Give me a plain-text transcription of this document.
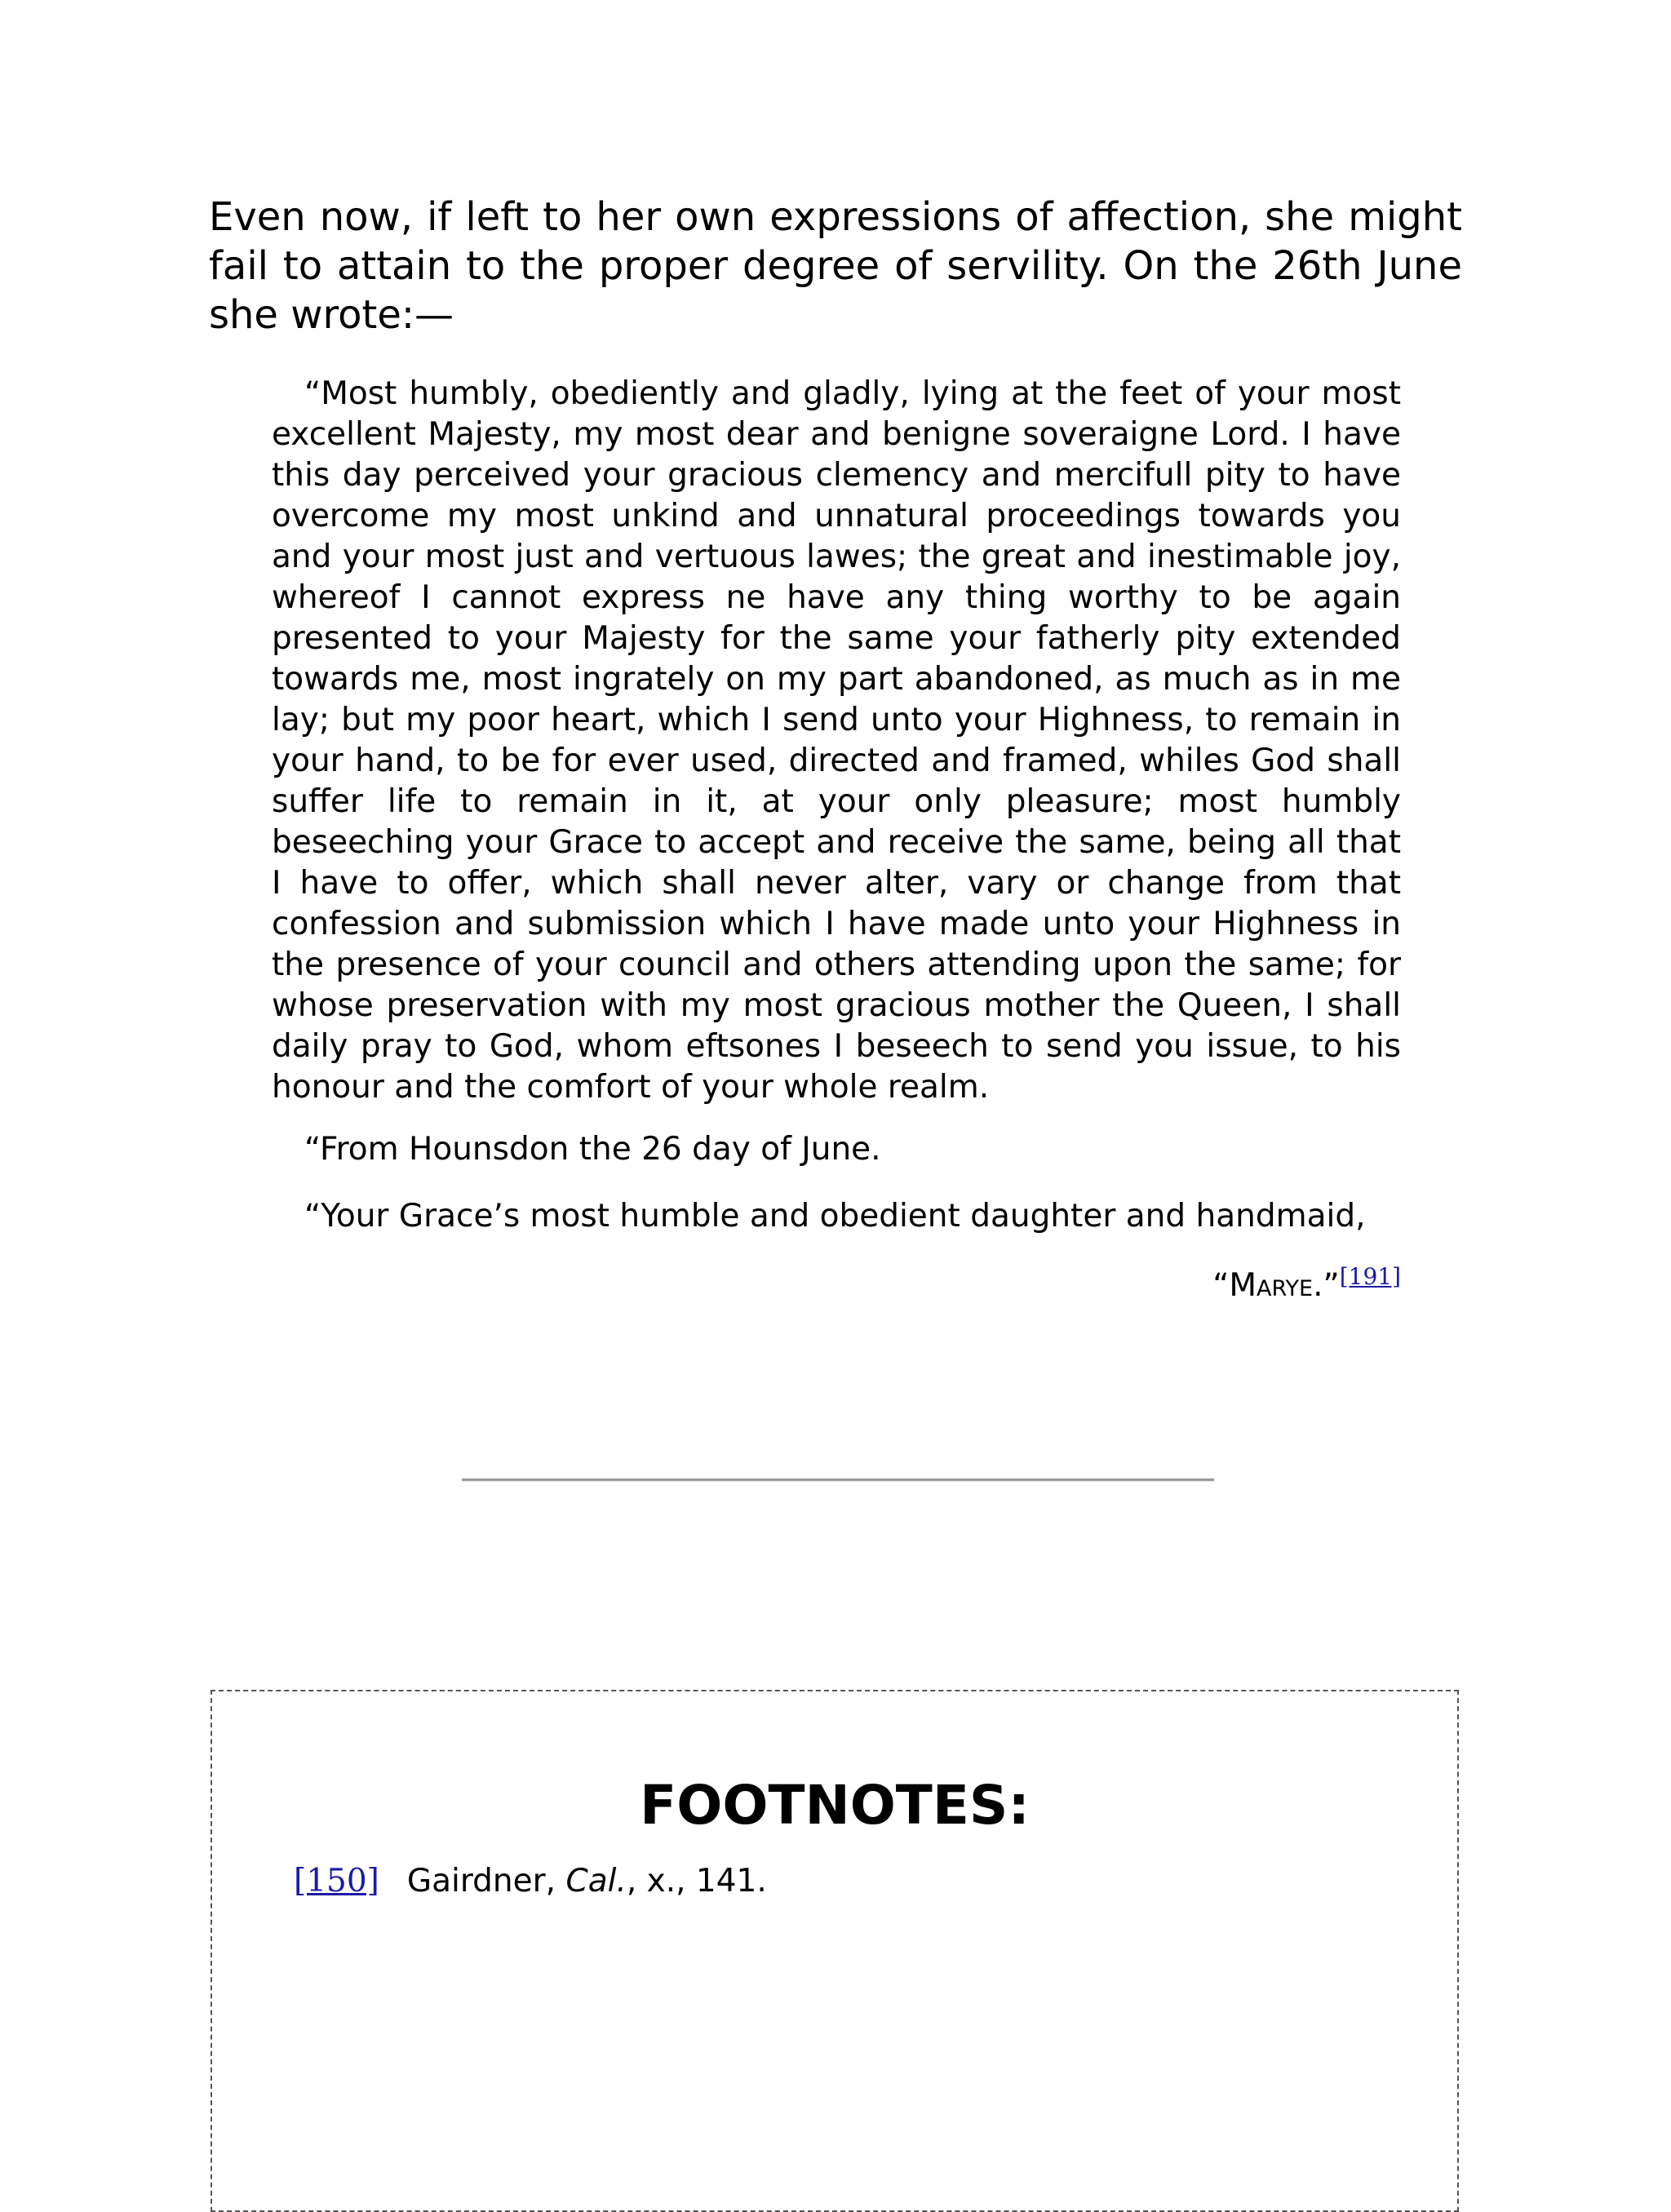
Even now, if left to her own expressions of affection, she might fail to attain to the proper degree of servility. On the 26th June she wrote:—

“Most humbly, obediently and gladly, lying at the feet of your most excellent Majesty, my most dear and benigne soveraigne Lord. I have this day perceived your gracious clemency and mercifull pity to have overcome my most unkind and unnatural proceedings towards you and your most just and vertuous lawes; the great and inestimable joy, whereof I cannot express ne have any thing worthy to be again presented to your Majesty for the same your fatherly pity extended towards me, most ingrately on my part abandoned, as much as in me lay; but my poor heart, which I send unto your Highness, to remain in your hand, to be for ever used, directed and framed, whiles God shall suffer life to remain in it, at your only pleasure; most humbly beseeching your Grace to accept and receive the same, being all that I have to offer, which shall never alter, vary or change from that confession and submission which I have made unto your Highness in the presence of your council and others attending upon the same; for whose preservation with my most gracious mother the Queen, I shall daily pray to God, whom eftsones I beseech to send you issue, to his honour and the comfort of your whole realm.

“From Hounsdon the 26 day of June.

“Your Grace’s most humble and obedient daughter and handmaid,

“Marye.”[191]

FOOTNOTES:
[150] Gairdner, Cal., x., 141.
